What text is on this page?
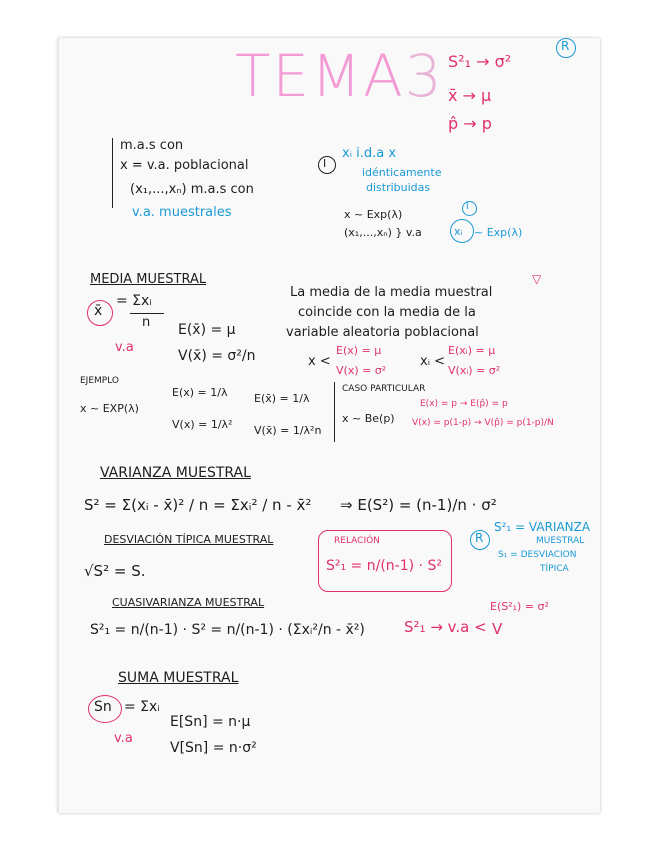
TEMA3 S²₁ → σ²
R
x̄ → μ
p̂ → p
m.a.s con
x = v.a. poblacional
(x₁,...,xₙ) m.a.s con
v.a. muestrales
I
xᵢ i.d.a x
idénticamente
distribuidas
x ~ Exp(λ)
(x₁,...,xₙ) } v.a	xᵢ ~ Exp(λ)
I
MEDIA MUESTRAL
x̄
= Σxᵢ
n
v.a
E(x̄) = μ
V(x̄) = σ²/n
La media de la media muestral
▽
coincide con la media de la
variable aleatoria poblacional
x <
E(x) = μ
V(x) = σ²
xᵢ <
E(xᵢ) = μ
V(xᵢ) = σ²
EJEMPLO
x ~ EXP(λ)
E(x) = 1/λ
V(x) = 1/λ²
E(x̄) = 1/λ
V(x̄) = 1/λ²n
CASO PARTICULAR
x ~ Be(p)
E(x) = p → E(p̂) = p
V(x) = p(1-p) → V(p̂) = p(1-p)/N
VARIANZA MUESTRAL
S² = Σ(xᵢ - x̄)² / n = Σxᵢ² / n - x̄² ⇒ E(S²) = (n-1)/n · σ²
R
S²₁ = VARIANZA
MUESTRAL
S₁ = DESVIACION
TÍPICA
DESVIACIÓN TÍPICA MUESTRAL
√S² = S.
RELACIÓN
S²₁ = n/(n-1) · S²
CUASIVARIANZA MUESTRAL
S²₁ = n/(n-1) · S² = n/(n-1) · (Σxᵢ²/n - x̄²)	S²₁ → v.a <
E(S²₁) = σ²
V
SUMA MUESTRAL
Sn = Σxᵢ
v.a
E[Sn] = n·μ
V[Sn] = n·σ²
